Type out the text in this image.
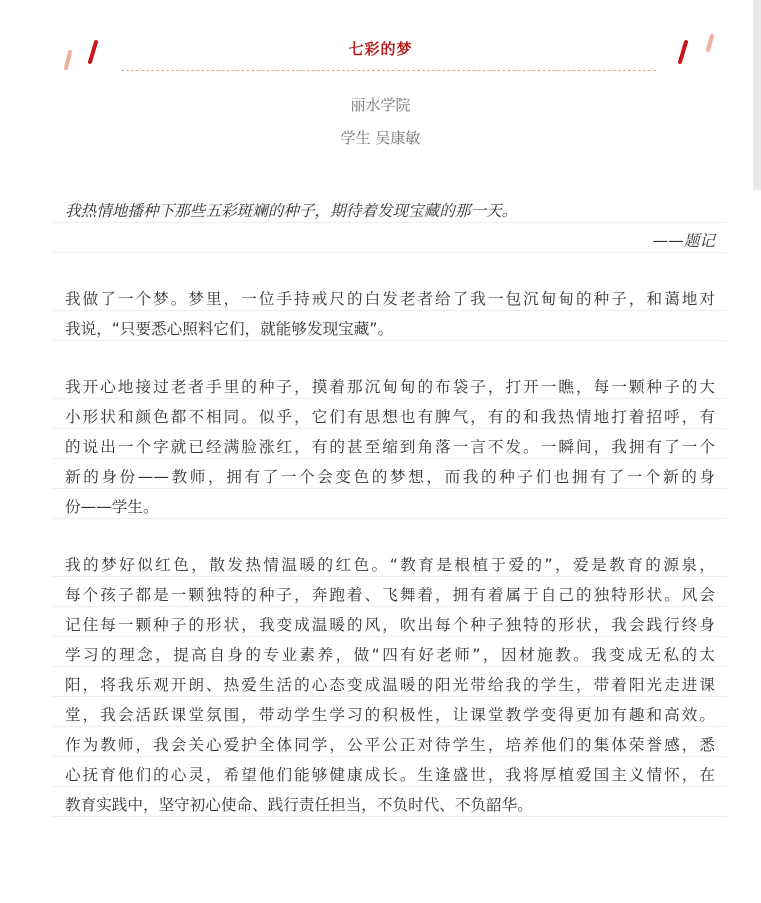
七彩的梦
丽水学院
学生 吴康敏
我热情地播种下那些五彩斑斓的种子，期待着发现宝藏的那一天。
——题记
我做了一个梦。梦里，一位手持戒尺的白发老者给了我一包沉甸甸的种子，和蔼地对
我说，“只要悉心照料它们，就能够发现宝藏”。
我开心地接过老者手里的种子，摸着那沉甸甸的布袋子，打开一瞧，每一颗种子的大
小形状和颜色都不相同。似乎，它们有思想也有脾气，有的和我热情地打着招呼，有
的说出一个字就已经满脸涨红，有的甚至缩到角落一言不发。一瞬间，我拥有了一个
新的身份——教师，拥有了一个会变色的梦想，而我的种子们也拥有了一个新的身
份——学生。
我的梦好似红色，散发热情温暖的红色。“教育是根植于爱的”，爱是教育的源泉，
每个孩子都是一颗独特的种子，奔跑着、飞舞着，拥有着属于自己的独特形状。风会
记住每一颗种子的形状，我变成温暖的风，吹出每个种子独特的形状，我会践行终身
学习的理念，提高自身的专业素养，做“四有好老师”，因材施教。我变成无私的太
阳，将我乐观开朗、热爱生活的心态变成温暖的阳光带给我的学生，带着阳光走进课
堂，我会活跃课堂氛围，带动学生学习的积极性，让课堂教学变得更加有趣和高效。
作为教师，我会关心爱护全体同学，公平公正对待学生，培养他们的集体荣誉感，悉
心抚育他们的心灵，希望他们能够健康成长。生逢盛世，我将厚植爱国主义情怀，在
教育实践中，坚守初心使命、践行责任担当，不负时代、不负韶华。
